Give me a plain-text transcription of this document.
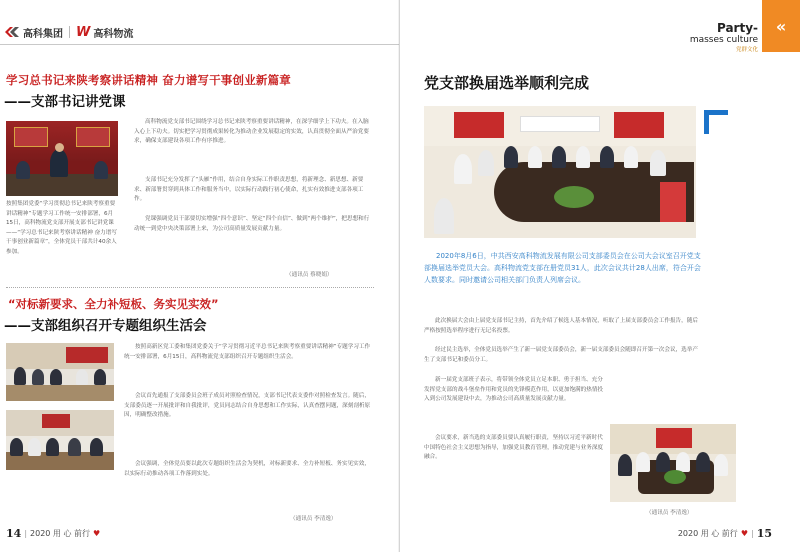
高科集团 W 高科物流
学习总书记来陕考察讲话精神 奋力谱写干事创业新篇章
——支部书记讲党课
按照集团党委“学习贯彻总书记来陕考察重要讲话精神”专题学习工作统一安排部署，6月15日，高科物流党支部开展支部书记讲党课——“学习总书记来陕考察讲话精神 奋力谱写干事创业新篇章”，全体党员干部共计40余人参加。

高科物流党支部书记围绕学习总书记来陕考察重要讲话精神，在深学细学上下功夫。在入脑入心上下功夫。切实把学习贯彻成果转化为推动企业发展稳定的实效，认真贯彻全面从严治党要求，确保支部建设各项工作有序推进。

支部书记充分发挥了“头雁”作用，结合自身实际工作职责思想，将新理念、新思想、新要求、新部署贯穿到具体工作和服务当中，以实际行动践行初心使命，扎实有效推进支部各项工作。

党课强调党员干部要切实增强“四个意识”、坚定“四个自信”、做到“两个维护”，把思想和行动统一到党中央决策部署上来，为公司高质量发展贡献力量。

（通讯员 蔡晓娟）
“对标新要求、全力补短板、务实见实效”
——支部组织召开专题组织生活会

按照高新区党工委和集团党委关于“学习贯彻习近平总书记来陕考察重要讲话精神”专题学习工作统一安排部署，6月15日，高科物流党支部组织召开专题组织生活会。

会议首先通报了支部委员会班子成员对照检查情况，支部书记代表支委作对照检查发言。随后，支部委员逐一开展批评和自我批评，党员同志结合自身思想和工作实际，认真查摆问题，深刻剖析原因，明确整改措施。

会议强调，全体党员要以此次专题组织生活会为契机，对标新要求、全力补短板、务实见实效，以实际行动推动各项工作落到实处。

（通讯员 李清逸）
14 | 2020 用 心 前行 ♥
Party-
masses culture
党群文化
«
党支部换届选举顺利完成
2020年8月6日，中共西安高科物流发展有限公司支部委员会在公司大会议室召开党支部换届选举党员大会。高科物流党支部在册党员31人，此次会议共计28人出席，符合开会人数要求。同时邀请公司相关部门负责人列席会议。

此次换届大会由上届党支部书记主持，首先介绍了候选人基本情况，听取了上届支部委员会工作报告，随后严格按照选举程序进行无记名投票。

经过民主选举，全体党员选举产生了新一届党支部委员会，新一届支部委员会随即召开第一次会议，选举产生了支部书记和委员分工。

新一届党支部班子表示，将带领全体党员立足本职、勇于担当、充分发挥党支部的战斗堡垒作用和党员的先锋模范作用，以更加饱满的热情投入到公司发展建设中去，为推动公司高质量发展贡献力量。

会议要求，新当选的支部委员要认真履行职责，坚持以习近平新时代中国特色社会主义思想为指导，加强党员教育管理，推动党建与业务深度融合。

（通讯员 李清逸）
2020 用 心 前行 ♥ | 15
